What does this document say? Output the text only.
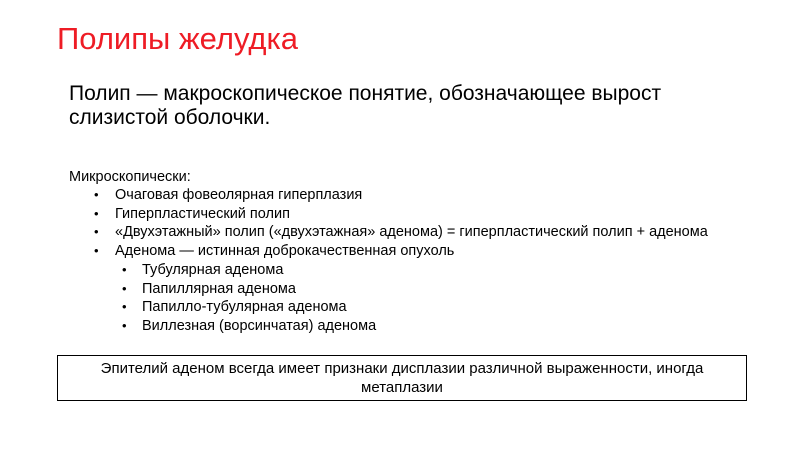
Полипы желудка
Полип — макроскопическое понятие, обозначающее вырост слизистой оболочки.

Микроскопически:

• Очаговая фовеолярная гиперплазия
• Гиперпластический полип
• «Двухэтажный» полип («двухэтажная» аденома) = гиперпластический полип + аденома
• Аденома — истинная доброкачественная опухоль
• Тубулярная аденома
• Папиллярная аденома
• Папилло-тубулярная аденома
• Виллезная (ворсинчатая) аденома
Эпителий аденом всегда имеет признаки дисплазии различной выраженности, иногда метаплазии
